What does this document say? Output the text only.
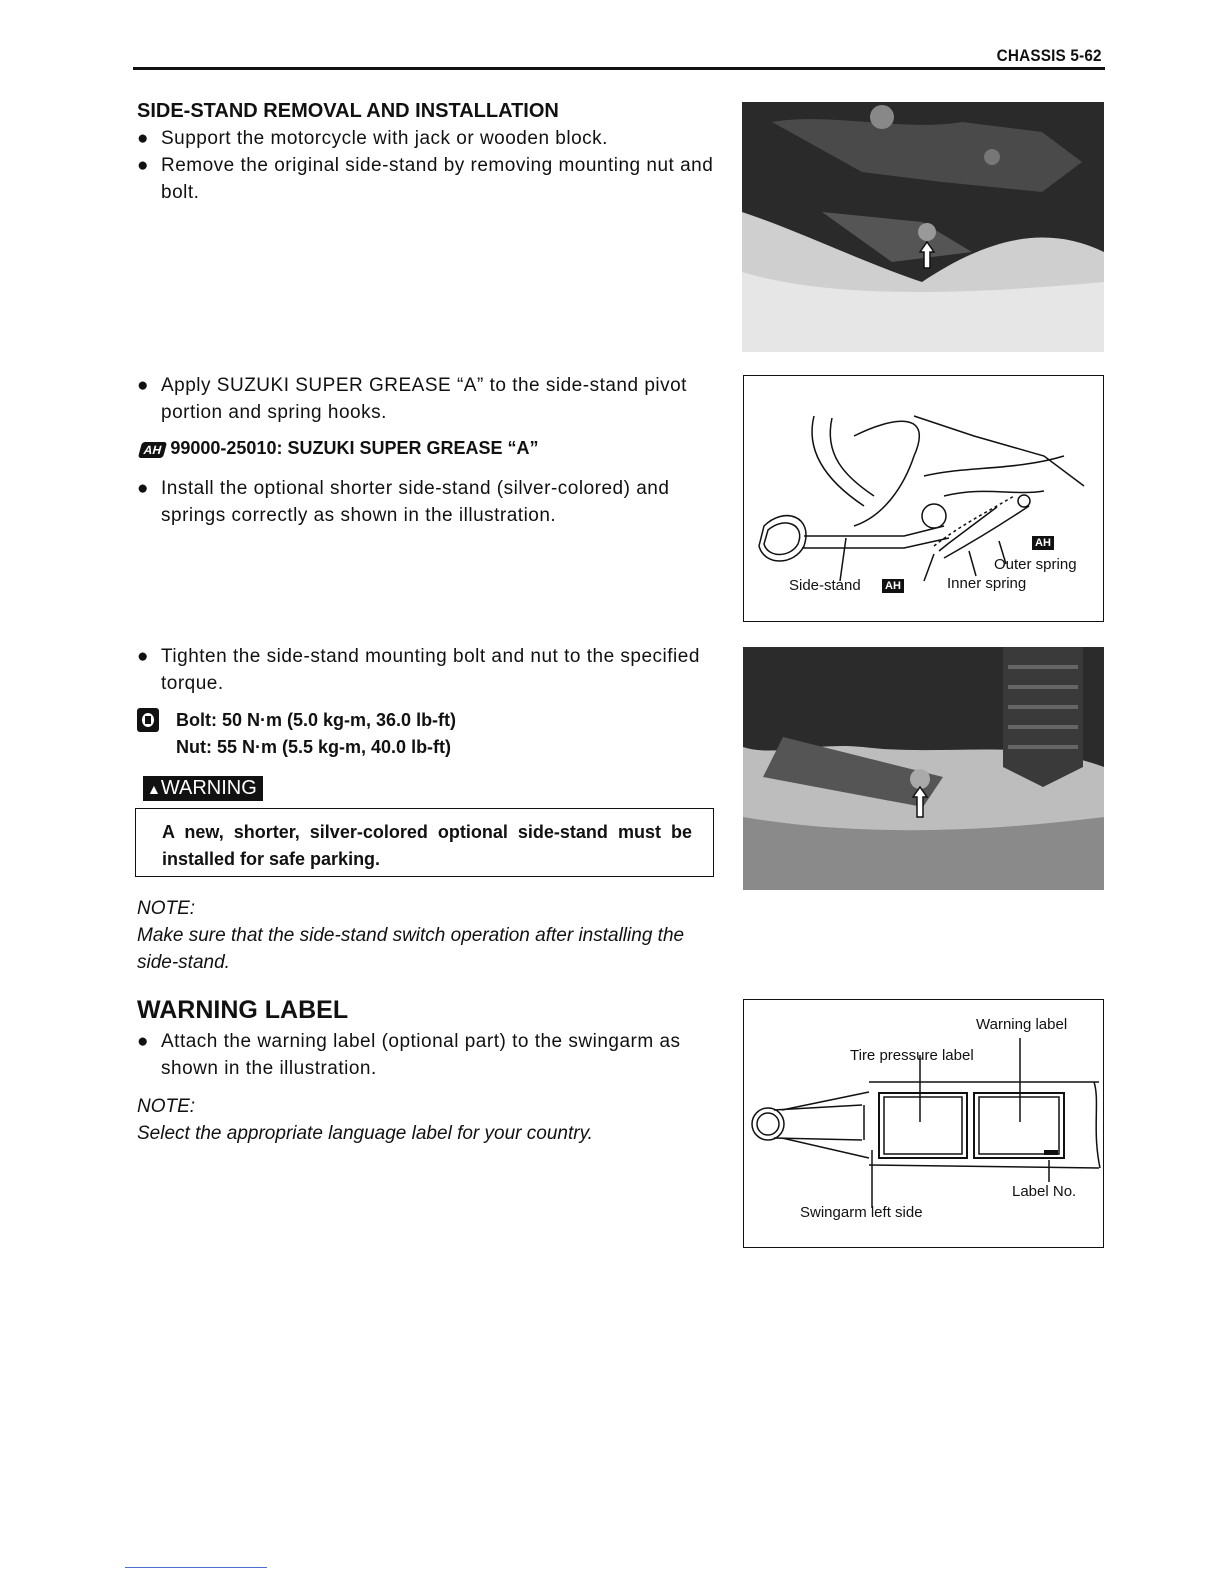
CHASSIS 5-62
SIDE-STAND REMOVAL AND INSTALLATION
● Support the motorcycle with jack or wooden block.
● Remove the original side-stand by removing mounting nut and bolt.
● Apply SUZUKI SUPER GREASE “A” to the side-stand pivot portion and spring hooks.
AH 99000-25010: SUZUKI SUPER GREASE “A”
● Install the optional shorter side-stand (silver-colored) and springs correctly as shown in the illustration.
AH
Outer spring
Side-stand AH	Inner spring
● Tighten the side-stand mounting bolt and nut to the specified torque.
Bolt: 50 N·m (5.0 kg-m, 36.0 lb-ft)
Nut: 55 N·m (5.5 kg-m, 40.0 lb-ft)
▲WARNING
A new, shorter, silver-colored optional side-stand must be installed for safe parking.
NOTE:
Make sure that the side-stand switch operation after installing the side-stand.
WARNING LABEL
● Attach the warning label (optional part) to the swingarm as shown in the illustration.
NOTE:
Select the appropriate language label for your country.
Warning label
Tire pressure label
Label No.
Swingarm left side
